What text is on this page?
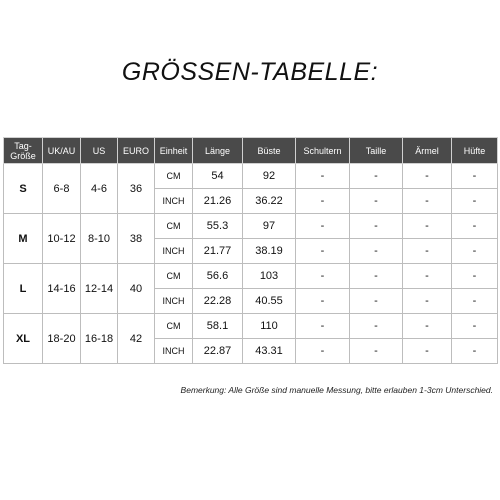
GRÖSSEN-TABELLE:
Tag-
Größe	UK/AU	US	EURO	Einheit	Länge	Büste	Schultern	Taille	Ärmel	Hüfte
S	6-8	4-6	36	CM	54	92	-	-	-	-
				INCH	21.26	36.22	-	-	-	-
M	10-12	8-10	38	CM	55.3	97	-	-	-	-
				INCH	21.77	38.19	-	-	-	-
L	14-16	12-14	40	CM	56.6	103	-	-	-	-
				INCH	22.28	40.55	-	-	-	-
XL	18-20	16-18	42	CM	58.1	110	-	-	-	-
				INCH	22.87	43.31	-	-	-	-
Bemerkung: Alle Größe sind manuelle Messung, bitte erlauben 1-3cm Unterschied.
